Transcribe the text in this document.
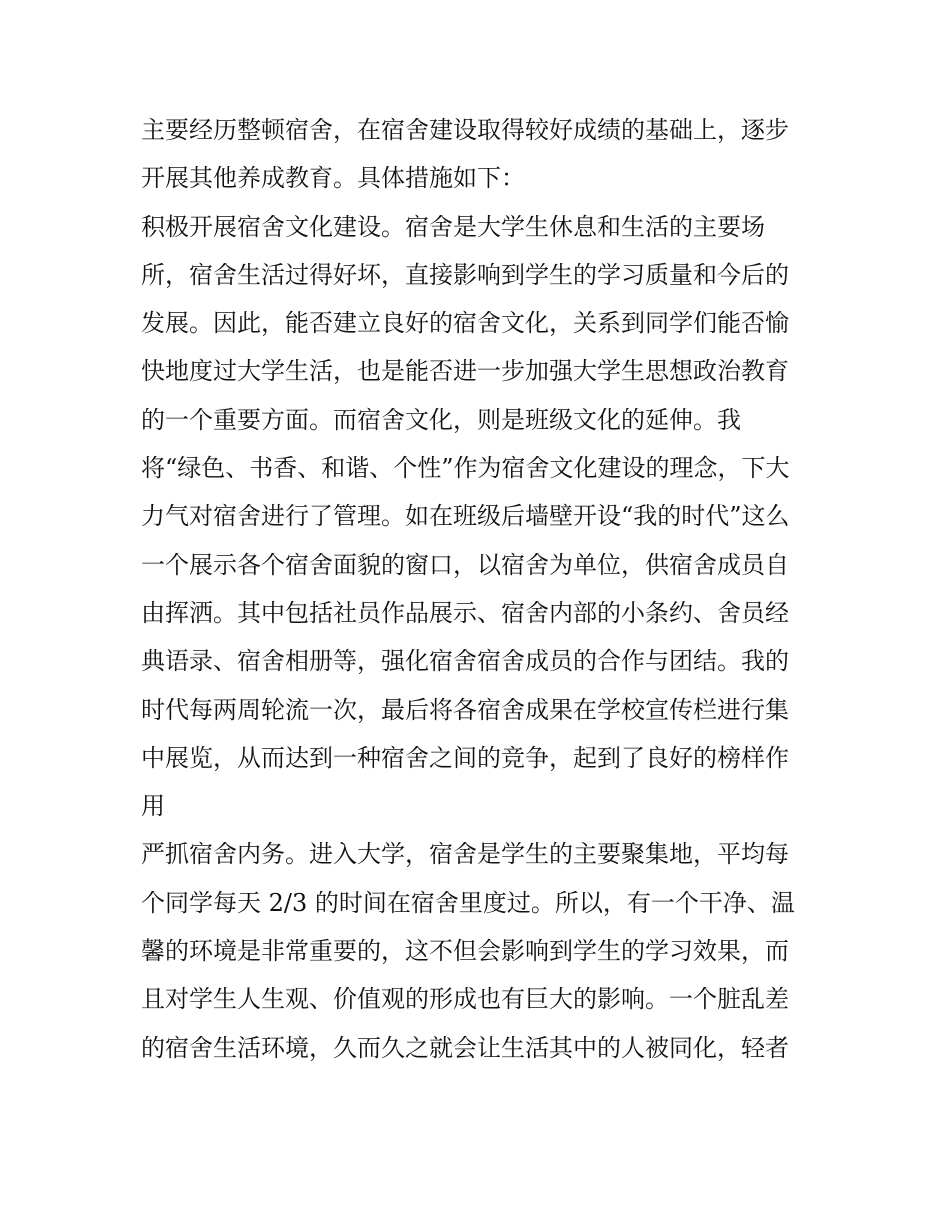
主要经历整顿宿舍，在宿舍建设取得较好成绩的基础上，逐步
开展其他养成教育。具体措施如下：
积极开展宿舍文化建设。宿舍是大学生休息和生活的主要场
所，宿舍生活过得好坏，直接影响到学生的学习质量和今后的
发展。因此，能否建立良好的宿舍文化，关系到同学们能否愉
快地度过大学生活，也是能否进一步加强大学生思想政治教育
的一个重要方面。而宿舍文化，则是班级文化的延伸。我
将“绿色、书香、和谐、个性”作为宿舍文化建设的理念，下大
力气对宿舍进行了管理。如在班级后墙壁开设“我的时代”这么
一个展示各个宿舍面貌的窗口，以宿舍为单位，供宿舍成员自
由挥洒。其中包括社员作品展示、宿舍内部的小条约、舍员经
典语录、宿舍相册等，强化宿舍宿舍成员的合作与团结。我的
时代每两周轮流一次，最后将各宿舍成果在学校宣传栏进行集
中展览，从而达到一种宿舍之间的竞争，起到了良好的榜样作
用
严抓宿舍内务。进入大学，宿舍是学生的主要聚集地，平均每
个同学每天 2/3 的时间在宿舍里度过。所以，有一个干净、温
馨的环境是非常重要的，这不但会影响到学生的学习效果，而
且对学生人生观、价值观的形成也有巨大的影响。一个脏乱差
的宿舍生活环境，久而久之就会让生活其中的人被同化，轻者
